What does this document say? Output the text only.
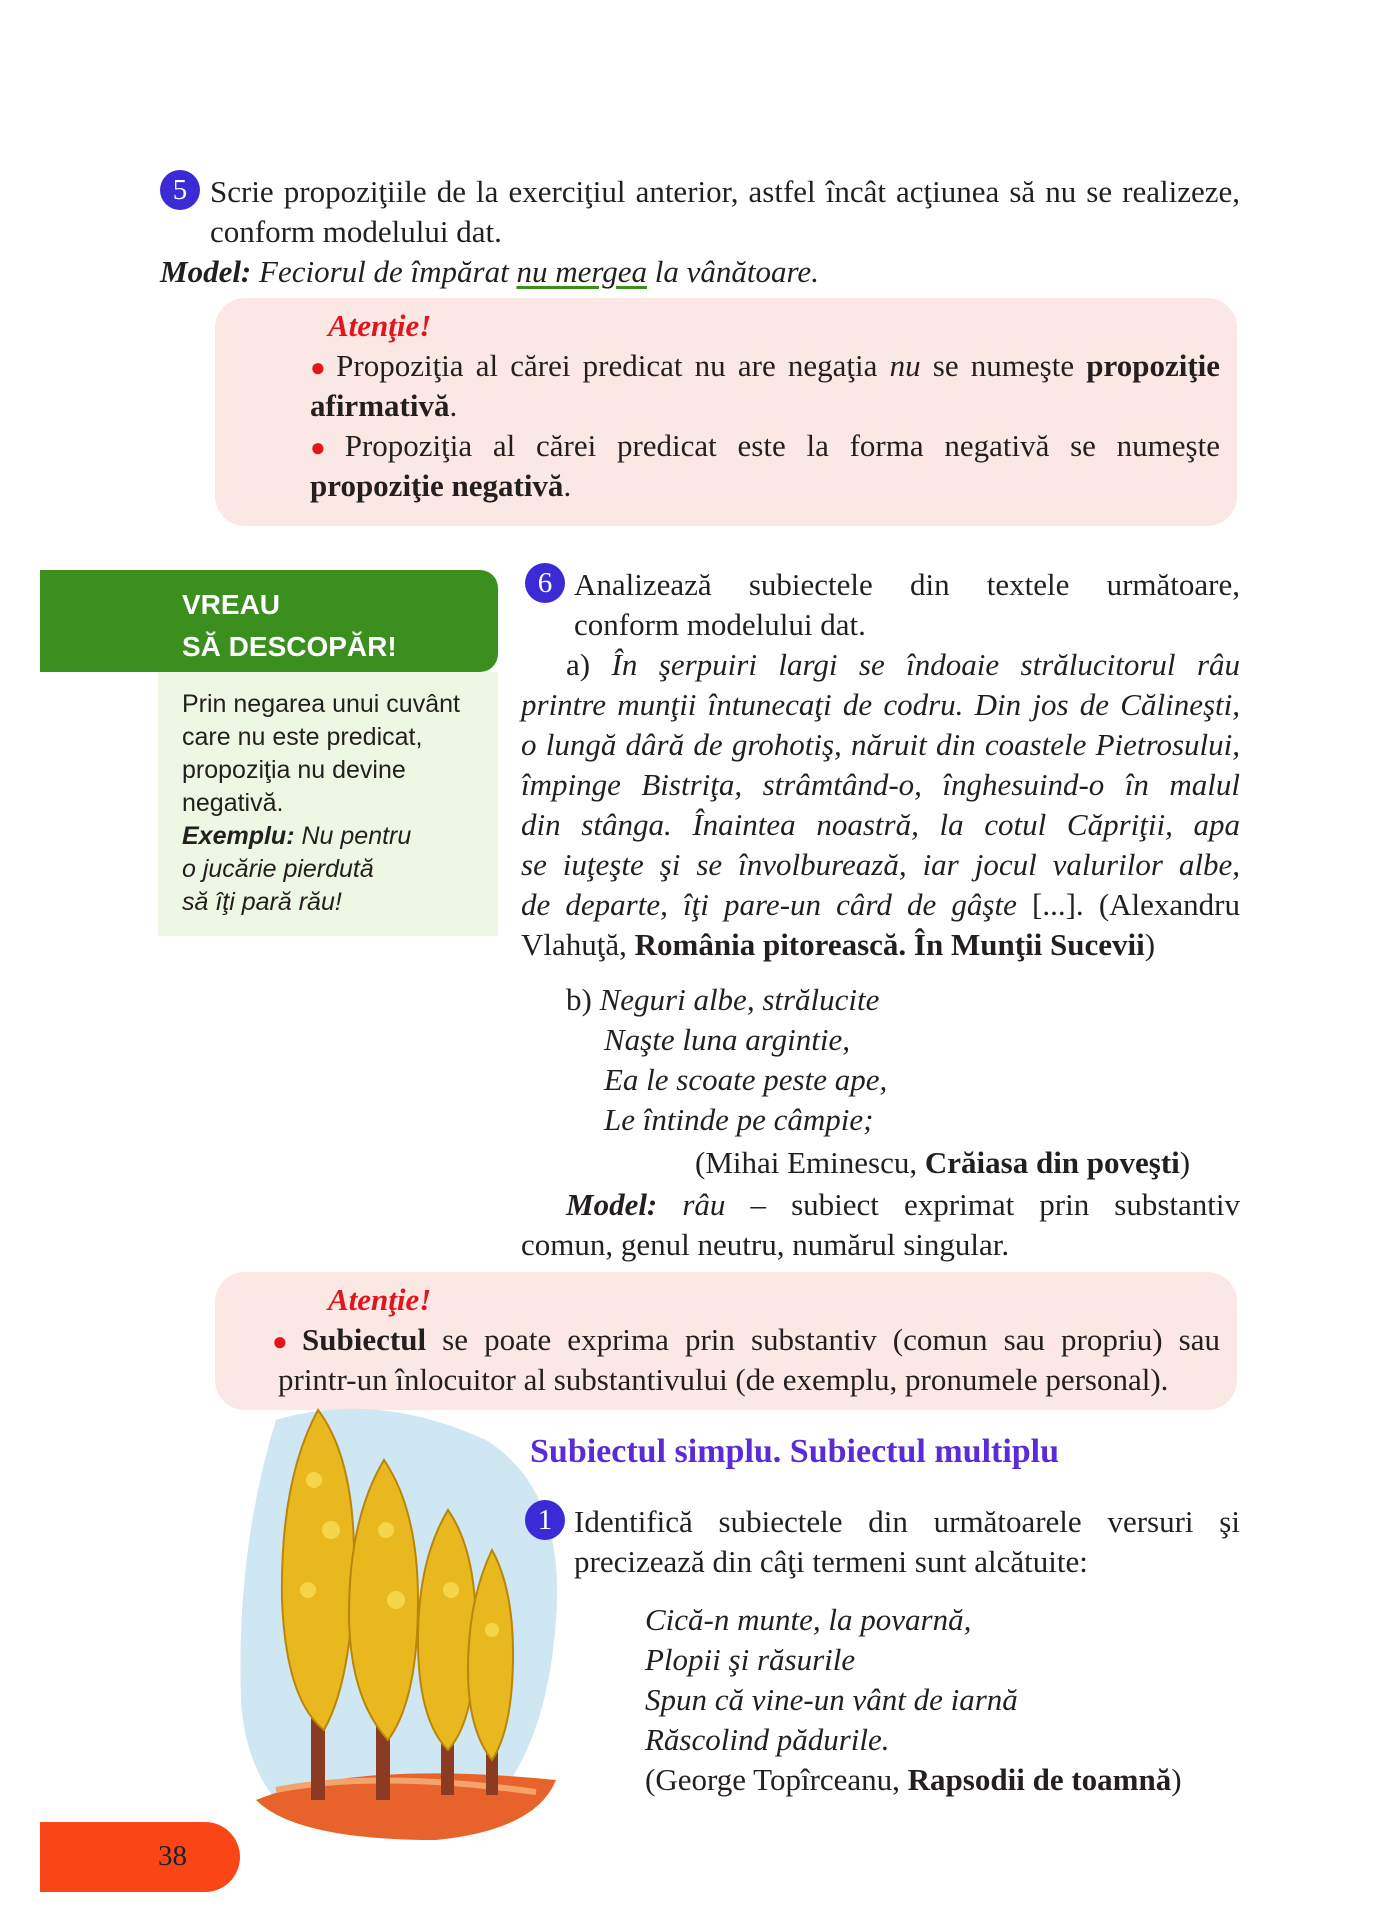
5 Scrie propoziţiile de la exerciţiul anterior, astfel încât acţiunea să nu se realizeze,
conform modelului dat.
Model: Feciorul de împărat nu mergea la vânătoare.
Atenţie!
● Propoziţia al cărei predicat nu are negaţia nu se numeşte propoziţie
afirmativă.
● Propoziţia al cărei predicat este la forma negativă se numeşte
propoziţie negativă.
VREAU
SĂ DESCOPĂR!
Prin negarea unui cuvânt
care nu este predicat,
propoziţia nu devine
negativă.
Exemplu: Nu pentru
o jucărie pierdută
să îţi pară rău!
6 Analizează subiectele din textele următoare,
conform modelului dat.
a) În şerpuiri largi se îndoaie strălucitorul râu
printre munţii întunecaţi de codru. Din jos de Călineşti,
o lungă dâră de grohotiş, năruit din coastele Pietrosului,
împinge Bistriţa, strâmtând-o, înghesuind-o în malul
din stânga. Înaintea noastră, la cotul Căpriţii, apa
se iuţeşte şi se învolburează, iar jocul valurilor albe,
de departe, îţi pare-un cârd de gâşte [...]. (Alexandru
Vlahuţă, România pitorească. În Munţii Sucevii)
b) Neguri albe, strălucite
Naşte luna argintie,
Ea le scoate peste ape,
Le întinde pe câmpie;
(Mihai Eminescu, Crăiasa din poveşti)
Model: râu – subiect exprimat prin substantiv
comun, genul neutru, numărul singular.
Atenţie!
● Subiectul se poate exprima prin substantiv (comun sau propriu) sau
printr-un înlocuitor al substantivului (de exemplu, pronumele personal).
Subiectul simplu. Subiectul multiplu
1 Identifică subiectele din următoarele versuri şi
precizează din câţi termeni sunt alcătuite:
Cică-n munte, la povarnă,
Plopii şi răsurile
Spun că vine-un vânt de iarnă
Răscolind pădurile.
(George Topîrceanu, Rapsodii de toamnă)
38
